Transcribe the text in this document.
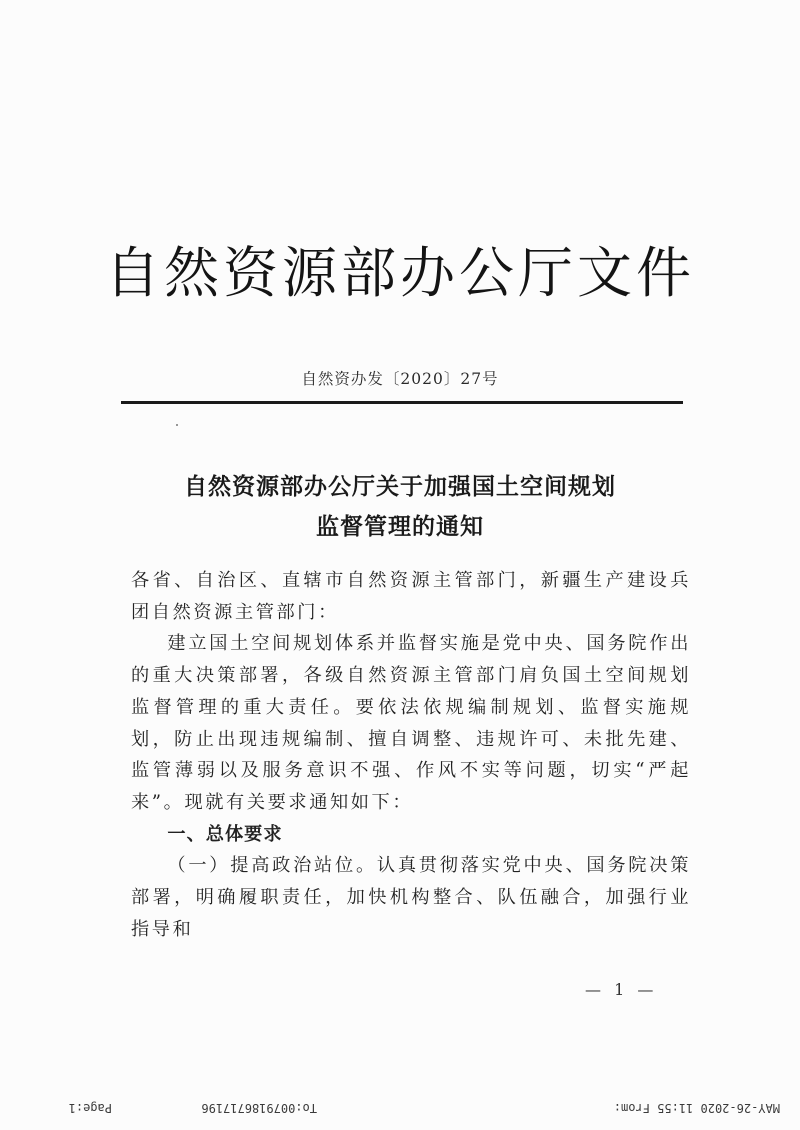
自然资源部办公厅文件
自然资办发〔2020〕27号
自然资源部办公厅关于加强国土空间规划
监督管理的通知

各省、自治区、直辖市自然资源主管部门，新疆生产建设兵团自然资源主管部门：

建立国土空间规划体系并监督实施是党中央、国务院作出的重大决策部署，各级自然资源主管部门肩负国土空间规划监督管理的重大责任。要依法依规编制规划、监督实施规划，防止出现违规编制、擅自调整、违规许可、未批先建、监管薄弱以及服务意识不强、作风不实等问题，切实“严起来”。现就有关要求通知如下：

一、总体要求

（一）提高政治站位。认真贯彻落实党中央、国务院决策部署，明确履职责任，加快机构整合、队伍融合，加强行业指导和

— 1 —
MAY-26-2020 11:55 From:
To:0079186717196
Page:1
